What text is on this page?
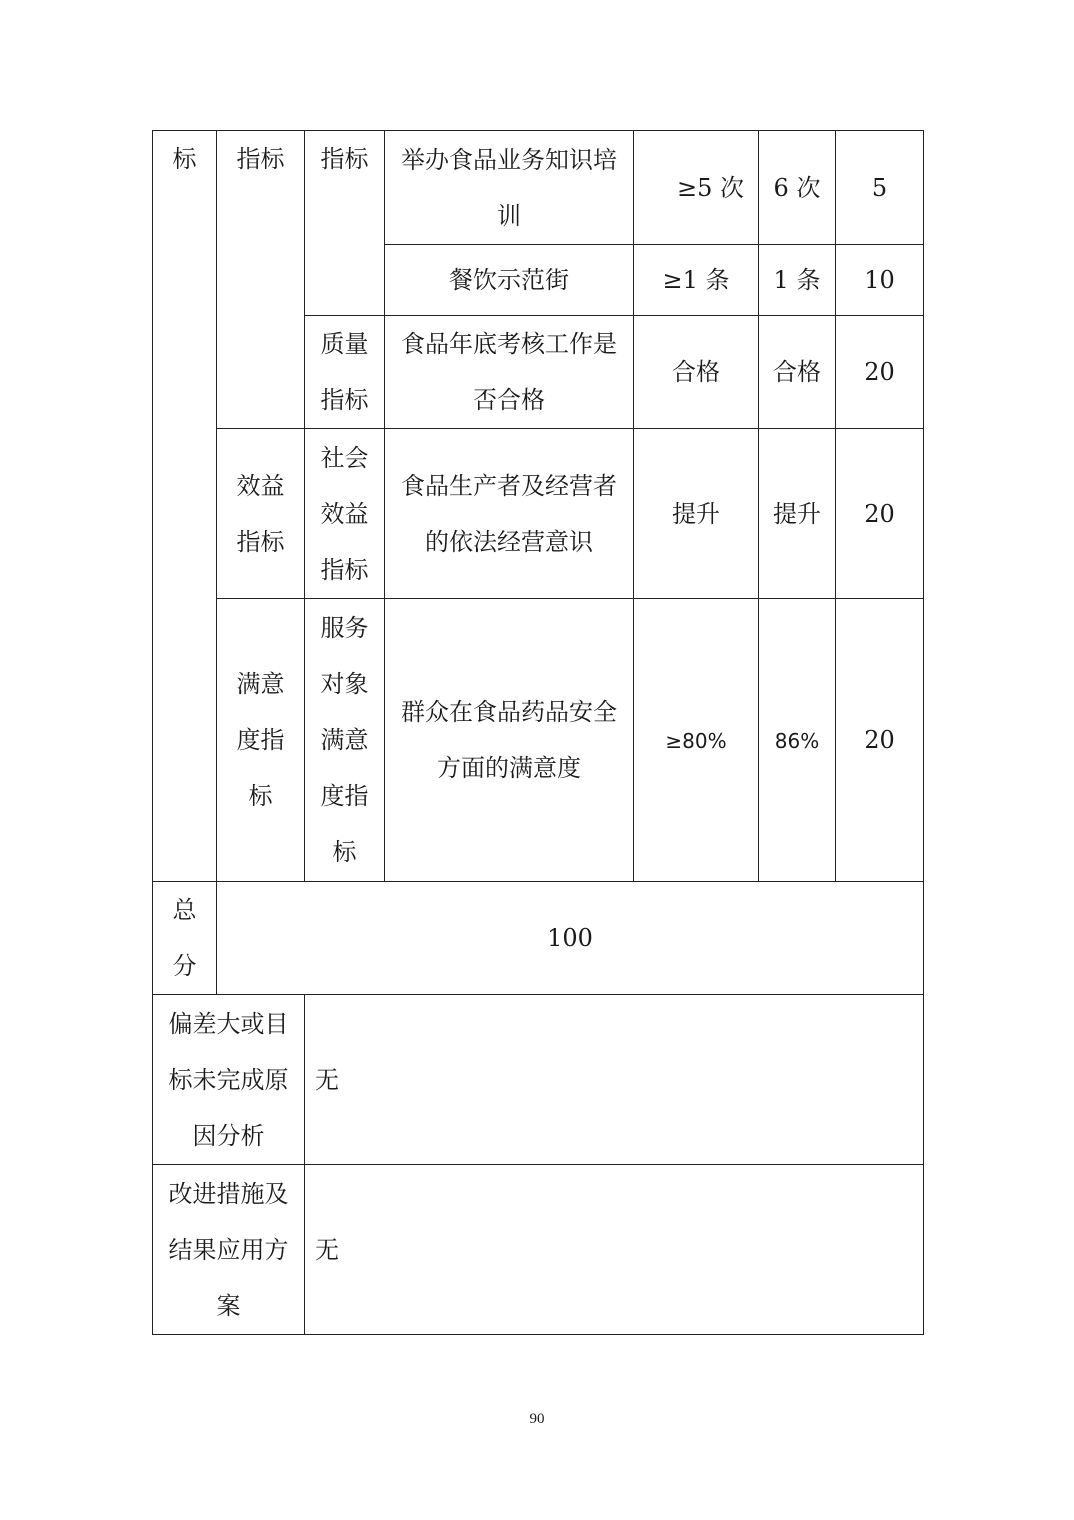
标	指标	指标	举办食品业务知识培训	≥5 次	6 次	5
			餐饮示范街	≥1 条	1 条	10

		质量指标	食品年底考核工作是否合格	合格	合格	20

	效益指标	社会效益指标	食品生产者及经营者的依法经营意识	提升	提升	20

	满意度指标	服务对象满意度指标	群众在食品药品安全方面的满意度	≥80%	86%	20

总分	100					

偏差大或目标未完成原因分析		无				

改进措施及结果应用方案		无				
90
